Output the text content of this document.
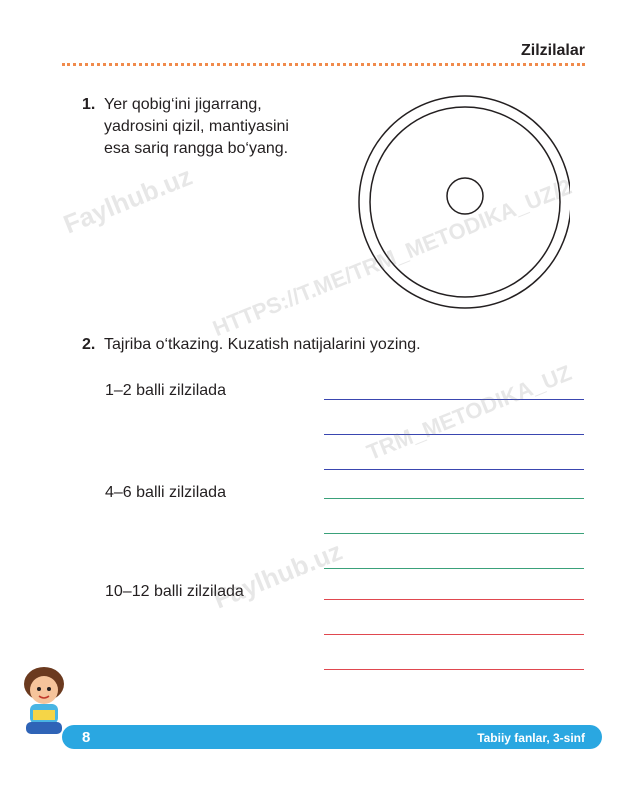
Zilzilalar
1. Yer qobig‘ini jigarrang,
yadrosini qizil, mantiyasini
esa sariq rangga bo‘yang.
2. Tajriba o‘tkazing. Kuzatish natijalarini yozing.
1–2 balli zilzilada
4–6 balli zilzilada
10–12 balli zilzilada
8	Tabiiy fanlar, 3-sinf
HTTPS://T.ME/TRM_METODIKA_UZ/2
Faylhub.uz
TRM_METODIKA_UZ
Faylhub.uz
